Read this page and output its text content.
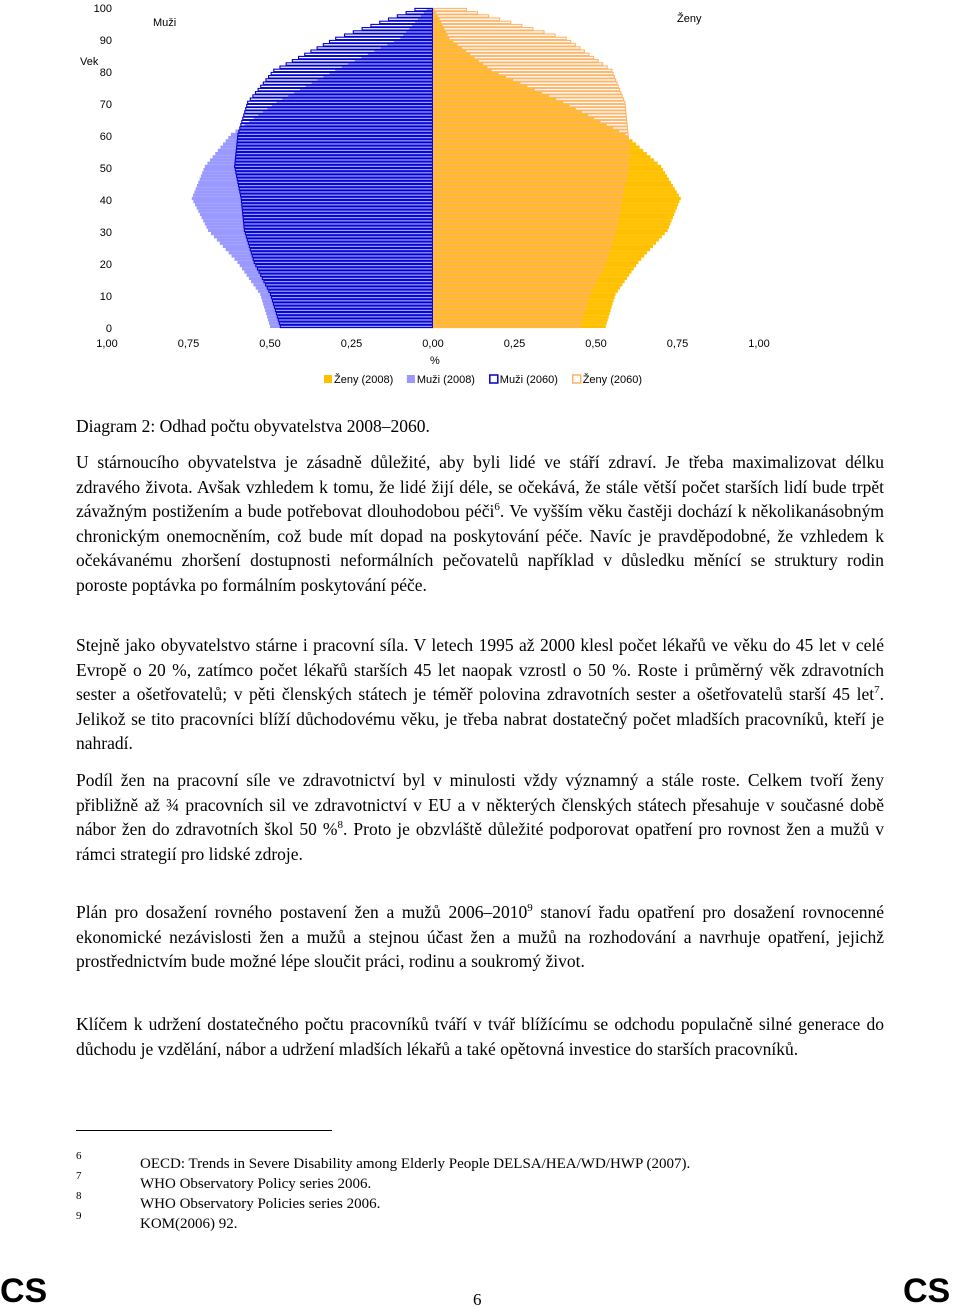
0
10
20
30
40
50
60
70
80
90
100
1,00	0,75	0,50	0,25	0,00	0,25	0,50	0,75	1,00
Vek
Muži	Ženy
%
Ženy (2008) Muži (2008) Muži (2060) Ženy (2060)
Diagram 2: Odhad počtu obyvatelstva 2008–2060.
U stárnoucího obyvatelstva je zásadně důležité, aby byli lidé ve stáří zdraví. Je třeba maximalizovat délku zdravého života. Avšak vzhledem k tomu, že lidé žijí déle, se očekává, že stále větší počet starších lidí bude trpět závažným postižením a bude potřebovat dlouhodobou péči$^6$. Ve vyšším věku častěji dochází k několikanásobným chronickým onemocněním, což bude mít dopad na poskytování péče. Navíc je pravděpodobné, že vzhledem k očekávanému zhoršení dostupnosti neformálních pečovatelů například v důsledku měnící se struktury rodin poroste poptávka po formálním poskytování péče.
Stejně jako obyvatelstvo stárne i pracovní síla. V letech 1995 až 2000 klesl počet lékařů ve věku do 45 let v celé Evropě o 20 %, zatímco počet lékařů starších 45 let naopak vzrostl o 50 %. Roste i průměrný věk zdravotních sester a ošetřovatelů; v pěti členských státech je téměř polovina zdravotních sester a ošetřovatelů starší 45 let$^7$. Jelikož se tito pracovníci blíží důchodovému věku, je třeba nabrat dostatečný počet mladších pracovníků, kteří je nahradí.
Podíl žen na pracovní síle ve zdravotnictví byl v minulosti vždy významný a stále roste. Celkem tvoří ženy přibližně až ¾ pracovních sil ve zdravotnictví v EU a v některých členských státech přesahuje v současné době nábor žen do zdravotních škol 50 %$^8$. Proto je obzvláště důležité podporovat opatření pro rovnost žen a mužů v rámci strategií pro lidské zdroje.
Plán pro dosažení rovného postavení žen a mužů 2006–2010$^9$ stanoví řadu opatření pro dosažení rovnocenné ekonomické nezávislosti žen a mužů a stejnou účast žen a mužů na rozhodování a navrhuje opatření, jejichž prostřednictvím bude možné lépe sloučit práci, rodinu a soukromý život.
Klíčem k udržení dostatečného počtu pracovníků tváří v tvář blížícímu se odchodu populačně silné generace do důchodu je vzdělání, nábor a udržení mladších lékařů a také opětovná investice do starších pracovníků.
6	OECD: Trends in Severe Disability among Elderly People DELSA/HEA/WD/HWP (2007).
7	WHO Observatory Policy series 2006.
8	WHO Observatory Policies series 2006.
9	KOM(2006) 92.
CS	6	CS
